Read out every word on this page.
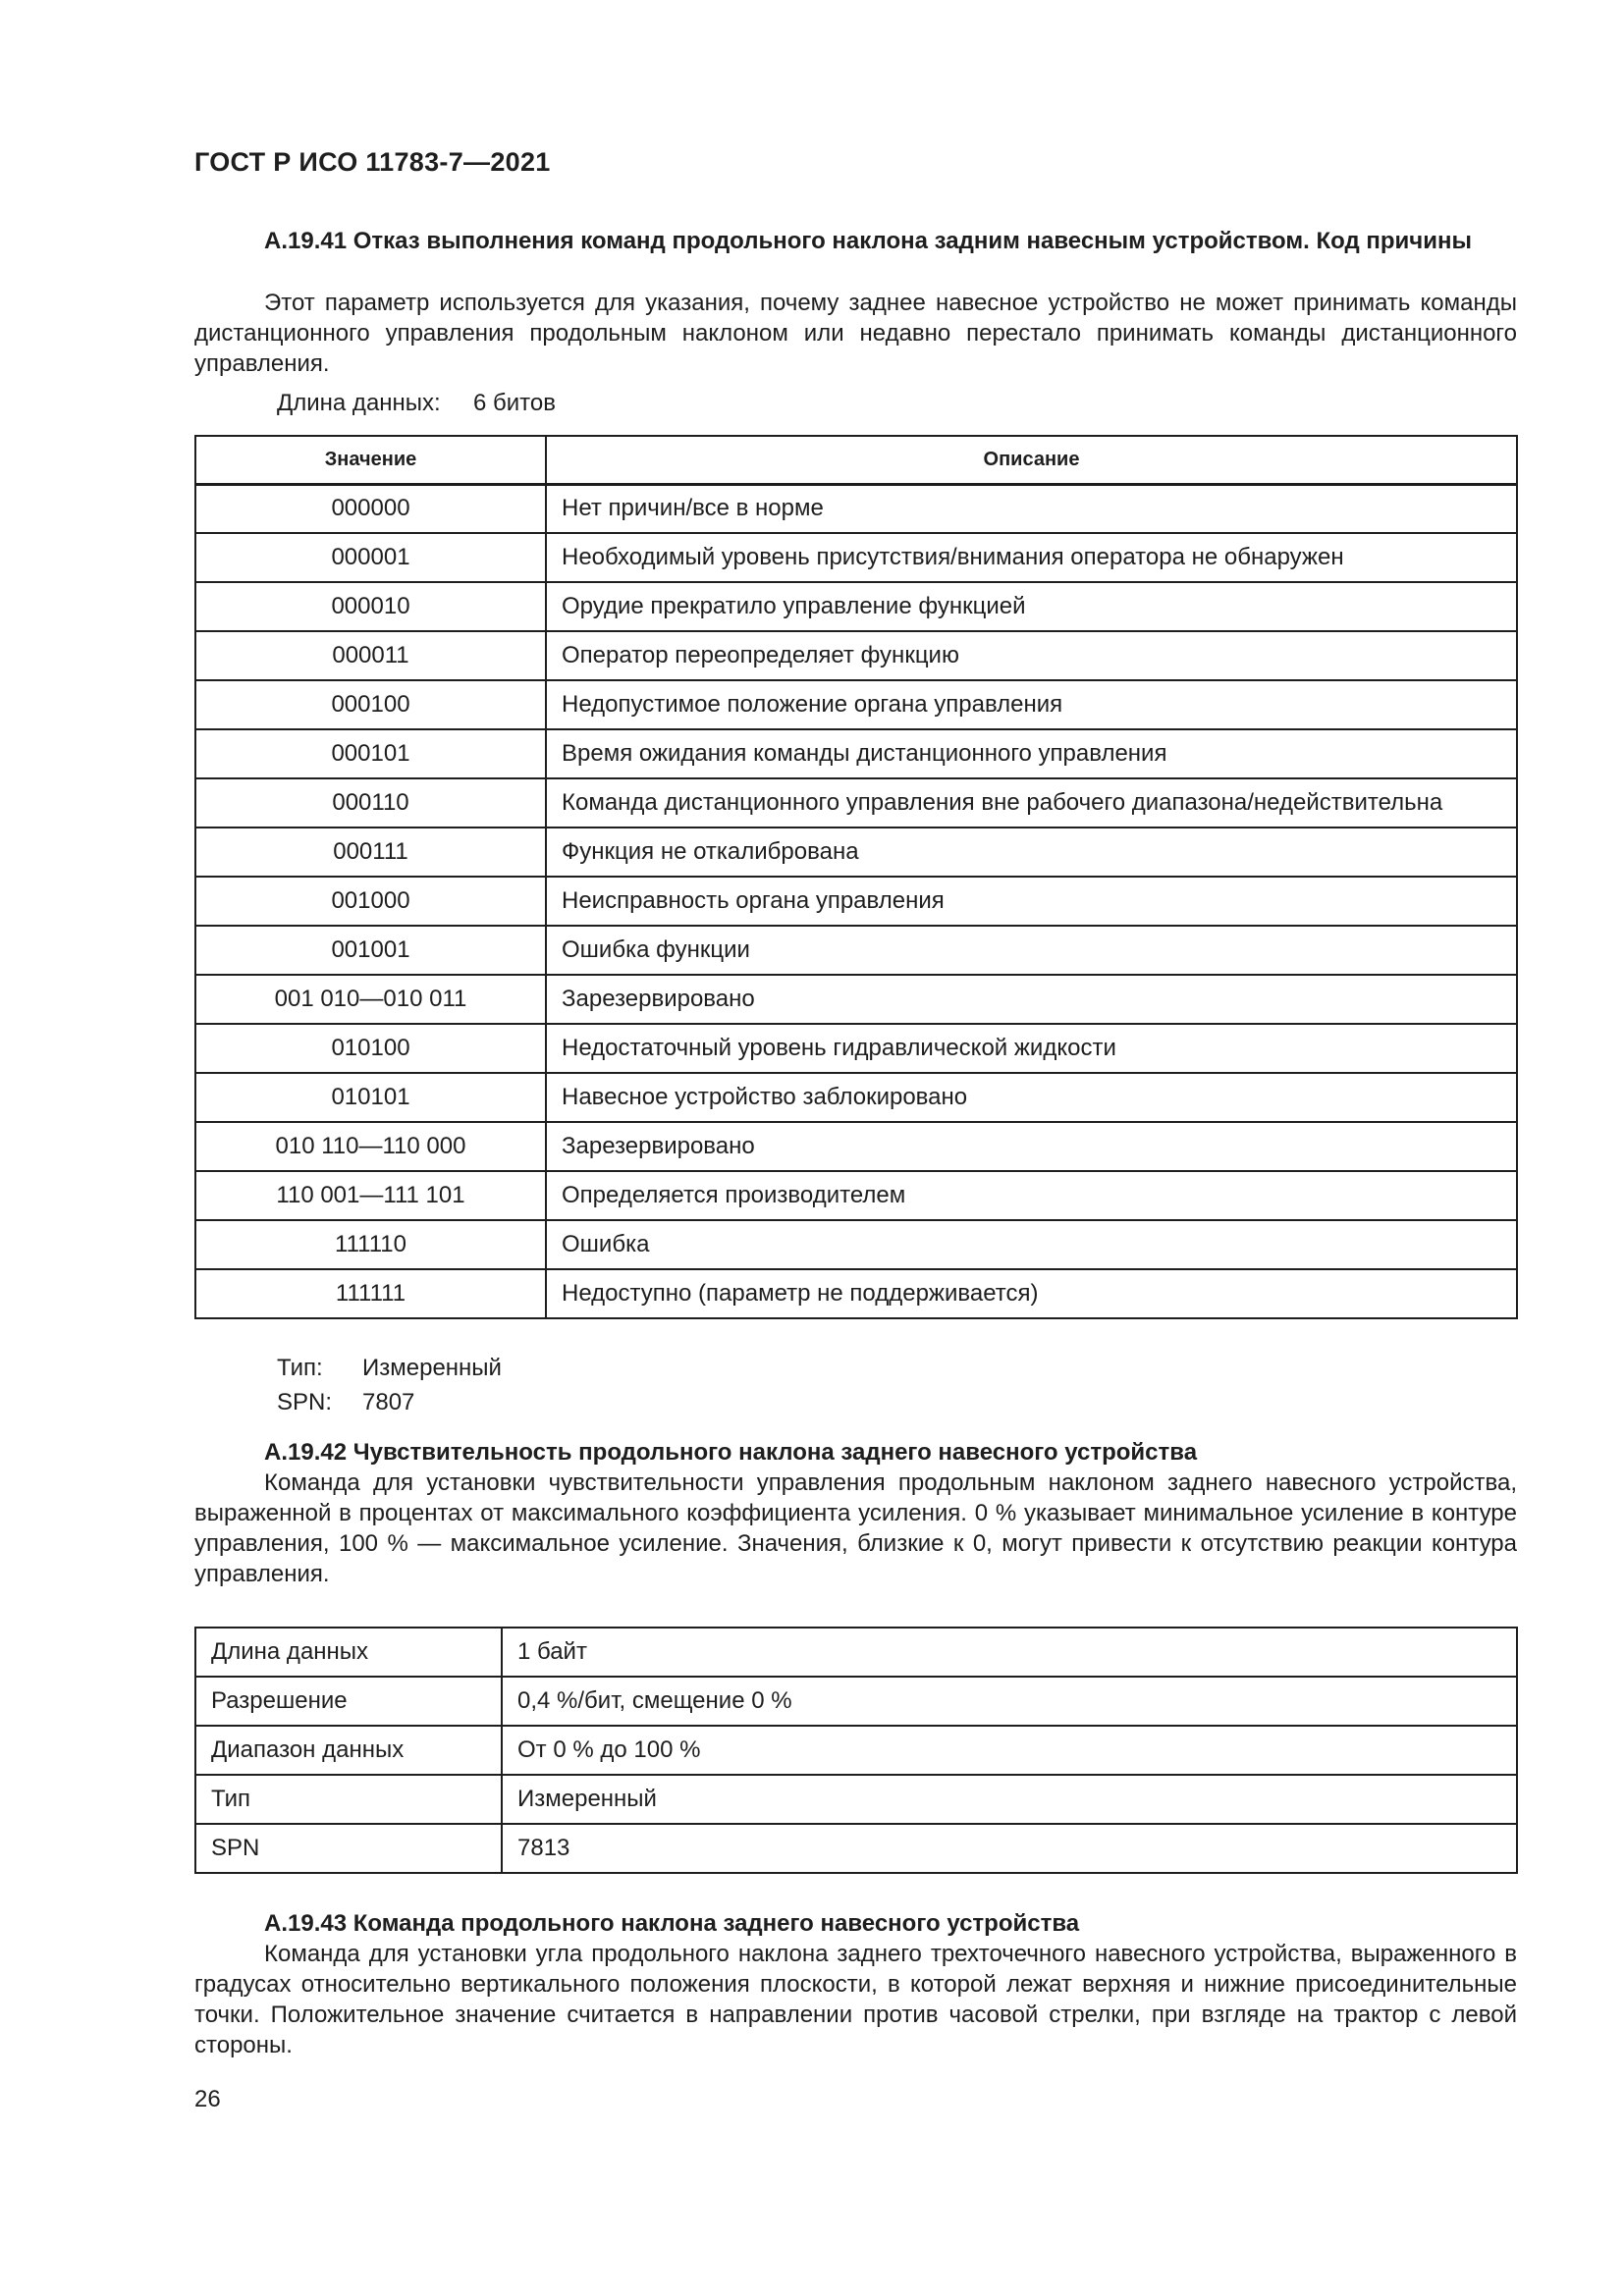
ГОСТ Р ИСО 11783-7—2021

А.19.41 Отказ выполнения команд продольного наклона задним навесным устройством. Код причины

Этот параметр используется для указания, почему заднее навесное устройство не может принимать команды дистанционного управления продольным наклоном или недавно перестало принимать команды дистанционного управления.

Длина данных: 6 битов
Значение	Описание
000000	Нет причин/все в норме
000001	Необходимый уровень присутствия/внимания оператора не обнаружен
000010	Орудие прекратило управление функцией
000011	Оператор переопределяет функцию
000100	Недопустимое положение органа управления
000101	Время ожидания команды дистанционного управления
000110	Команда дистанционного управления вне рабочего диапазона/недействительна
000111	Функция не откалибрована
001000	Неисправность органа управления
001001	Ошибка функции
001 010—010 011	Зарезервировано
010100	Недостаточный уровень гидравлической жидкости
010101	Навесное устройство заблокировано
010 110—110 000	Зарезервировано
110 001—111 101	Определяется производителем
111110	Ошибка
111111	Недоступно (параметр не поддерживается)
Тип: Измеренный
SPN: 7807

А.19.42 Чувствительность продольного наклона заднего навесного устройства

Команда для установки чувствительности управления продольным наклоном заднего навесного устройства, выраженной в процентах от максимального коэффициента усиления. 0 % указывает минимальное усиление в контуре управления, 100 % — максимальное усиление. Значения, близкие к 0, могут привести к отсутствию реакции контура управления.

Длина данных	1 байт
Разрешение	0,4 %/бит, смещение 0 %
Диапазон данных	От 0 % до 100 %
Тип	Измеренный
SPN	7813

А.19.43 Команда продольного наклона заднего навесного устройства

Команда для установки угла продольного наклона заднего трехточечного навесного устройства, выраженного в градусах относительно вертикального положения плоскости, в которой лежат верхняя и нижние присоединительные точки. Положительное значение считается в направлении против часовой стрелки, при взгляде на трактор с левой стороны.

26
